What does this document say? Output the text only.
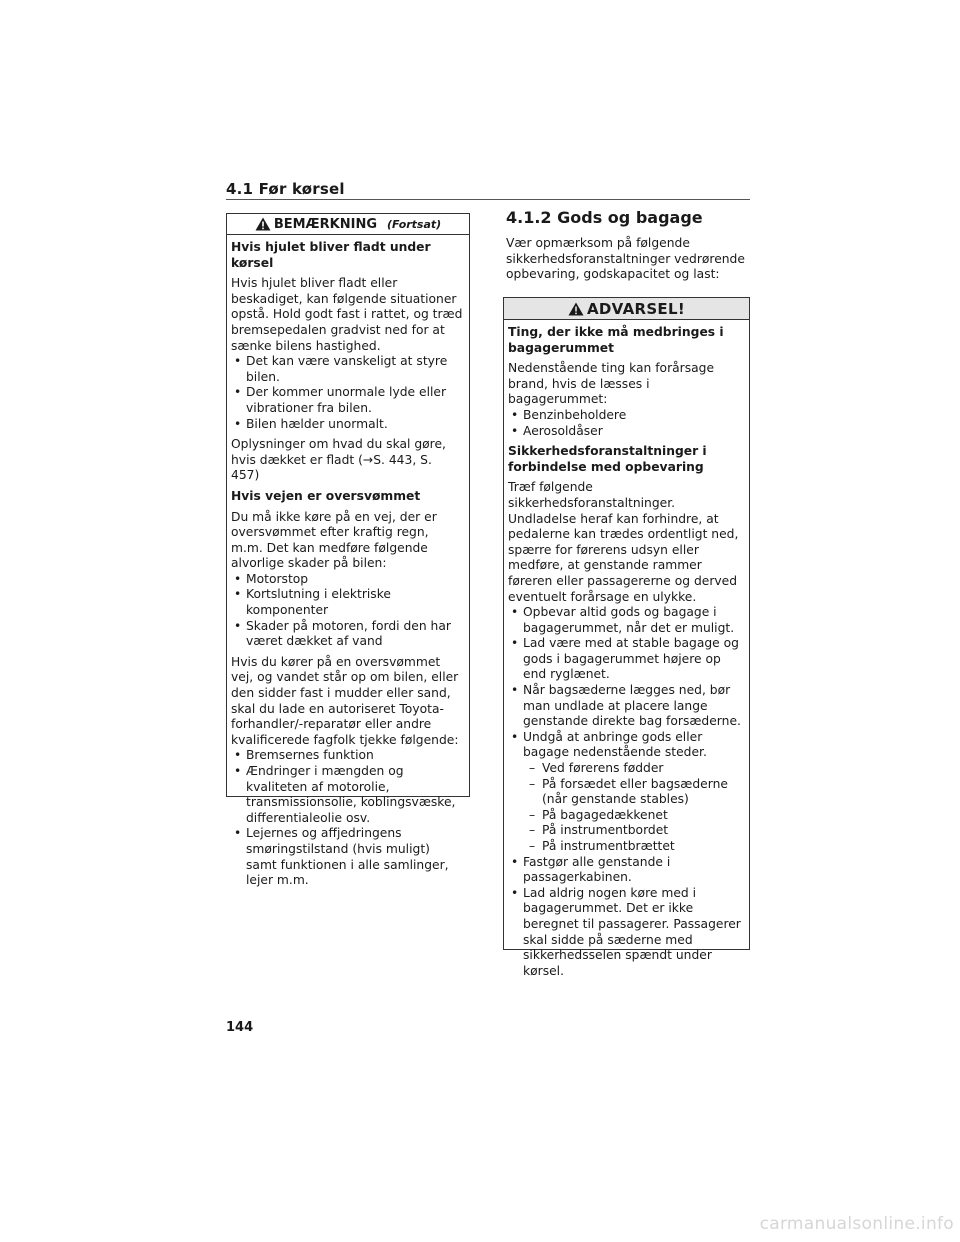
4.1 Før kørsel
BEMÆRKNING (Fortsat)

Hvis hjulet bliver fladt under kørsel

Hvis hjulet bliver fladt eller beskadiget, kan følgende situationer opstå. Hold godt fast i rattet, og træd bremsepedalen gradvist ned for at sænke bilens hastighed.

• Det kan være vanskeligt at styre bilen.
• Der kommer unormale lyde eller vibrationer fra bilen.
• Bilen hælder unormalt.

Oplysninger om hvad du skal gøre, hvis dækket er fladt (→S. 443, S. 457)

Hvis vejen er oversvømmet

Du må ikke køre på en vej, der er oversvømmet efter kraftig regn, m.m. Det kan medføre følgende alvorlige skader på bilen:

• Motorstop
• Kortslutning i elektriske komponenter
• Skader på motoren, fordi den har været dækket af vand

Hvis du kører på en oversvømmet vej, og vandet står op om bilen, eller den sidder fast i mudder eller sand, skal du lade en autoriseret Toyota-forhandler/-reparatør eller andre kvalificerede fagfolk tjekke følgende:

• Bremsernes funktion
• Ændringer i mængden og kvaliteten af motorolie, transmissionsolie, koblingsvæske, differentialeolie osv.
• Lejernes og affjedringens smøringstilstand (hvis muligt) samt funktionen i alle samlinger, lejer m.m.
4.1.2 Gods og bagage
Vær opmærksom på følgende sikkerhedsforanstaltninger vedrørende opbevaring, godskapacitet og last:
ADVARSEL!

Ting, der ikke må medbringes i bagagerummet

Nedenstående ting kan forårsage brand, hvis de læsses i bagagerummet:

• Benzinbeholdere
• Aerosoldåser

Sikkerhedsforanstaltninger i forbindelse med opbevaring

Træf følgende sikkerhedsforanstaltninger. Undladelse heraf kan forhindre, at pedalerne kan trædes ordentligt ned, spærre for førerens udsyn eller medføre, at genstande rammer føreren eller passagererne og derved eventuelt forårsage en ulykke.

• Opbevar altid gods og bagage i bagagerummet, når det er muligt.
• Lad være med at stable bagage og gods i bagagerummet højere op end ryglænet.
• Når bagsæderne lægges ned, bør man undlade at placere lange genstande direkte bag forsæderne.
• Undgå at anbringe gods eller bagage nedenstående steder.
– Ved førerens fødder
– På forsædet eller bagsæderne (når genstande stables)
– På bagagedækkenet
– På instrumentbordet
– På instrumentbrættet
• Fastgør alle genstande i passagerkabinen.
• Lad aldrig nogen køre med i bagagerummet. Det er ikke beregnet til passagerer. Passagerer skal sidde på sæderne med sikkerhedsselen spændt under kørsel.
144
carmanualsonline.info
